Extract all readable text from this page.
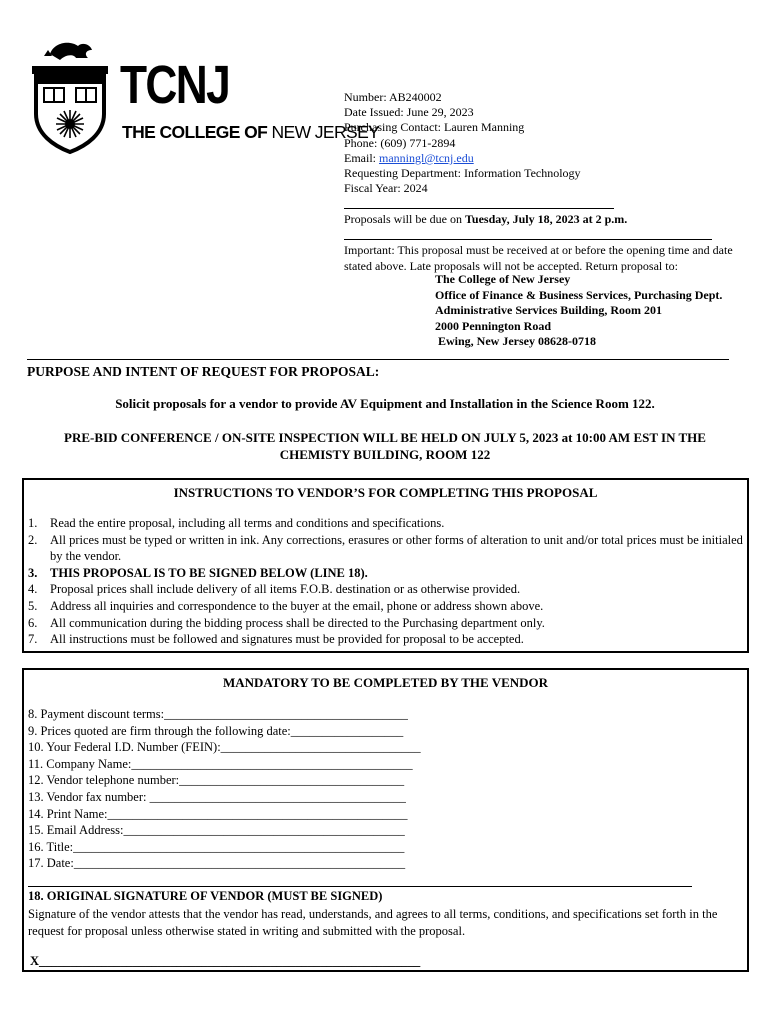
TCNJ
THE COLLEGE OF NEW JERSEY
Number: AB240002
Date Issued: June 29, 2023
Purchasing Contact: Lauren Manning
Phone: (609) 771-2894
Email: manningl@tcnj.edu
Requesting Department: Information Technology
Fiscal Year: 2024
Proposals will be due on Tuesday, July 18, 2023 at 2 p.m.
Important: This proposal must be received at or before the opening time and date stated above. Late proposals will not be accepted. Return proposal to:
The College of New Jersey
Office of Finance & Business Services, Purchasing Dept.
Administrative Services Building, Room 201
2000 Pennington Road
Ewing, New Jersey 08628-0718
PURPOSE AND INTENT OF REQUEST FOR PROPOSAL:
Solicit proposals for a vendor to provide AV Equipment and Installation in the Science Room 122.
PRE-BID CONFERENCE / ON-SITE INSPECTION WILL BE HELD ON JULY 5, 2023 at 10:00 AM EST IN THE CHEMISTY BUILDING, ROOM 122
INSTRUCTIONS TO VENDOR’S FOR COMPLETING THIS PROPOSAL
1. Read the entire proposal, including all terms and conditions and specifications.
2. All prices must be typed or written in ink. Any corrections, erasures or other forms of alteration to unit and/or total prices must be initialed by the vendor.
3. THIS PROPOSAL IS TO BE SIGNED BELOW (LINE 18).
4. Proposal prices shall include delivery of all items F.O.B. destination or as otherwise provided.
5. Address all inquiries and correspondence to the buyer at the email, phone or address shown above.
6. All communication during the bidding process shall be directed to the Purchasing department only.
7. All instructions must be followed and signatures must be provided for proposal to be accepted.
MANDATORY TO BE COMPLETED BY THE VENDOR
8. Payment discount terms:_______________________________________
9. Prices quoted are firm through the following date:__________________
10. Your Federal I.D. Number (FEIN):________________________________
11. Company Name:_____________________________________________
12. Vendor telephone number:____________________________________
13. Vendor fax number: _________________________________________
14. Print Name:________________________________________________
15. Email Address:_____________________________________________
16. Title:_____________________________________________________
17. Date:_____________________________________________________
18. ORIGINAL SIGNATURE OF VENDOR (MUST BE SIGNED)
Signature of the vendor attests that the vendor has read, understands, and agrees to all terms, conditions, and specifications set forth in the request for proposal unless otherwise stated in writing and submitted with the proposal.
X_____________________________________________________________
